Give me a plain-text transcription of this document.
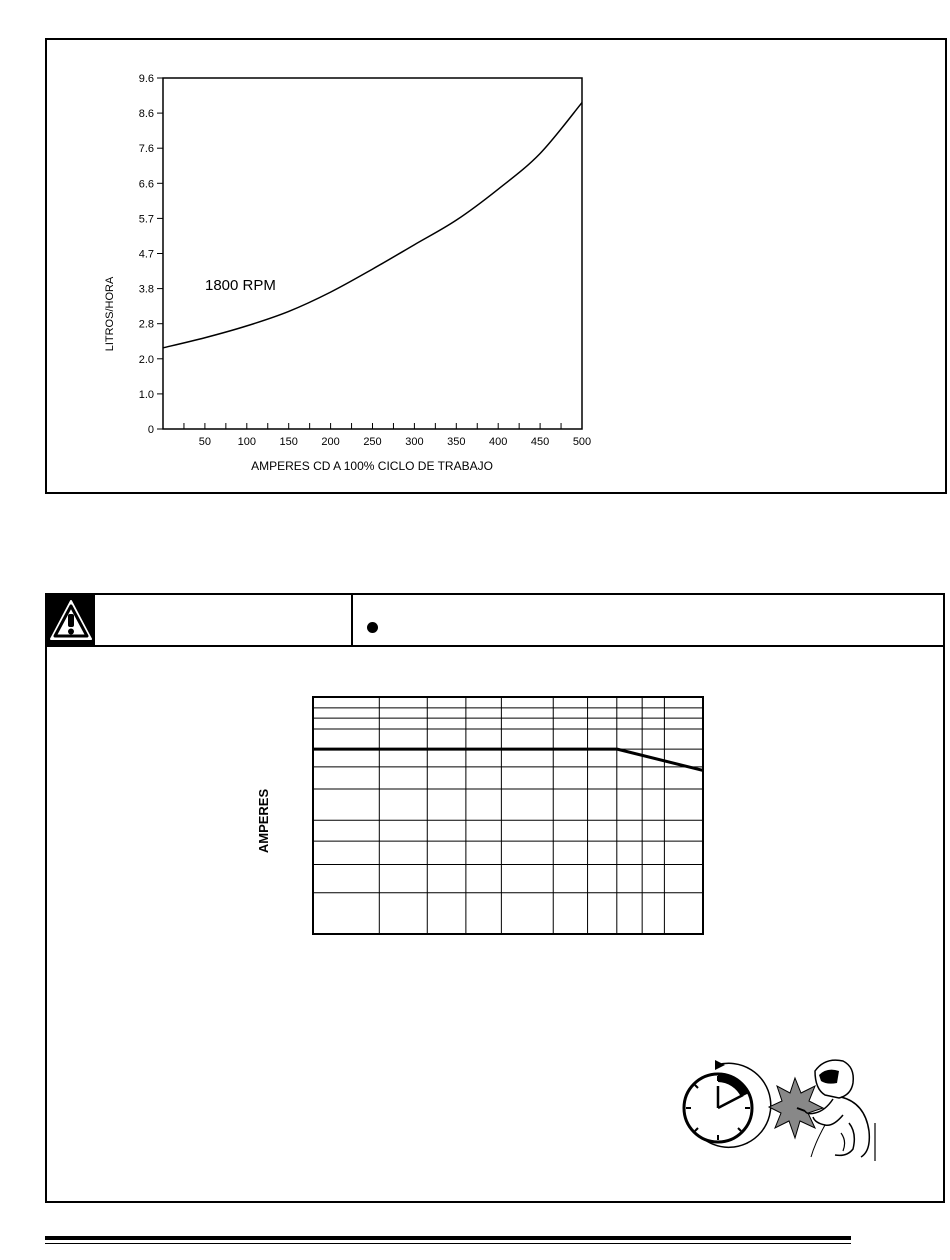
0
1.0
2.0
2.8
3.8
4.7
5.7
6.6
7.6
8.6
9.6
50 100 150 200 250 300 350 400 450 500
LITROS/HORA
AMPERES CD A 100% CICLO DE TRABAJO
1800 RPM
AMPERES
